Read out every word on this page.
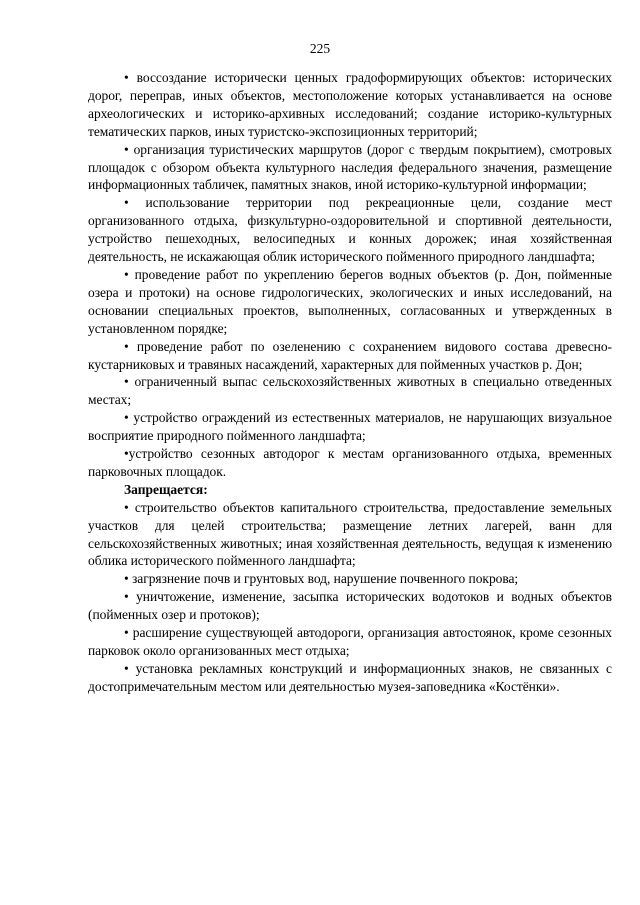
225

• воссоздание исторически ценных градоформирующих объектов: исторических дорог, переправ, иных объектов, местоположение которых устанавливается на основе археологических и историко-архивных исследований; создание историко-культурных тематических парков, иных туристско-экспозиционных территорий;

• организация туристических маршрутов (дорог с твердым покрытием), смотровых площадок с обзором объекта культурного наследия федерального значения, размещение информационных табличек, памятных знаков, иной историко-культурной информации;

• использование территории под рекреационные цели, создание мест организованного отдыха, физкультурно-оздоровительной и спортивной деятельности, устройство пешеходных, велосипедных и конных дорожек; иная хозяйственная деятельность, не искажающая облик исторического пойменного природного ландшафта;

• проведение работ по укреплению берегов водных объектов (р. Дон, пойменные озера и протоки) на основе гидрологических, экологических и иных исследований, на основании специальных проектов, выполненных, согласованных и утвержденных в установленном порядке;

• проведение работ по озеленению с сохранением видового состава древесно-кустарниковых и травяных насаждений, характерных для пойменных участков р. Дон;

• ограниченный выпас сельскохозяйственных животных в специально отведенных местах;

• устройство ограждений из естественных материалов, не нарушающих визуальное восприятие природного пойменного ландшафта;

•устройство сезонных автодорог к местам организованного отдыха, временных парковочных площадок.

Запрещается:

• строительство объектов капитального строительства, предоставление земельных участков для целей строительства; размещение летних лагерей, ванн для сельскохозяйственных животных; иная хозяйственная деятельность, ведущая к изменению облика исторического пойменного ландшафта;

• загрязнение почв и грунтовых вод, нарушение почвенного покрова;

• уничтожение, изменение, засыпка исторических водотоков и водных объектов (пойменных озер и протоков);

• расширение существующей автодороги, организация автостоянок, кроме сезонных парковок около организованных мест отдыха;

• установка рекламных конструкций и информационных знаков, не связанных с достопримечательным местом или деятельностью музея-заповедника «Костёнки».
